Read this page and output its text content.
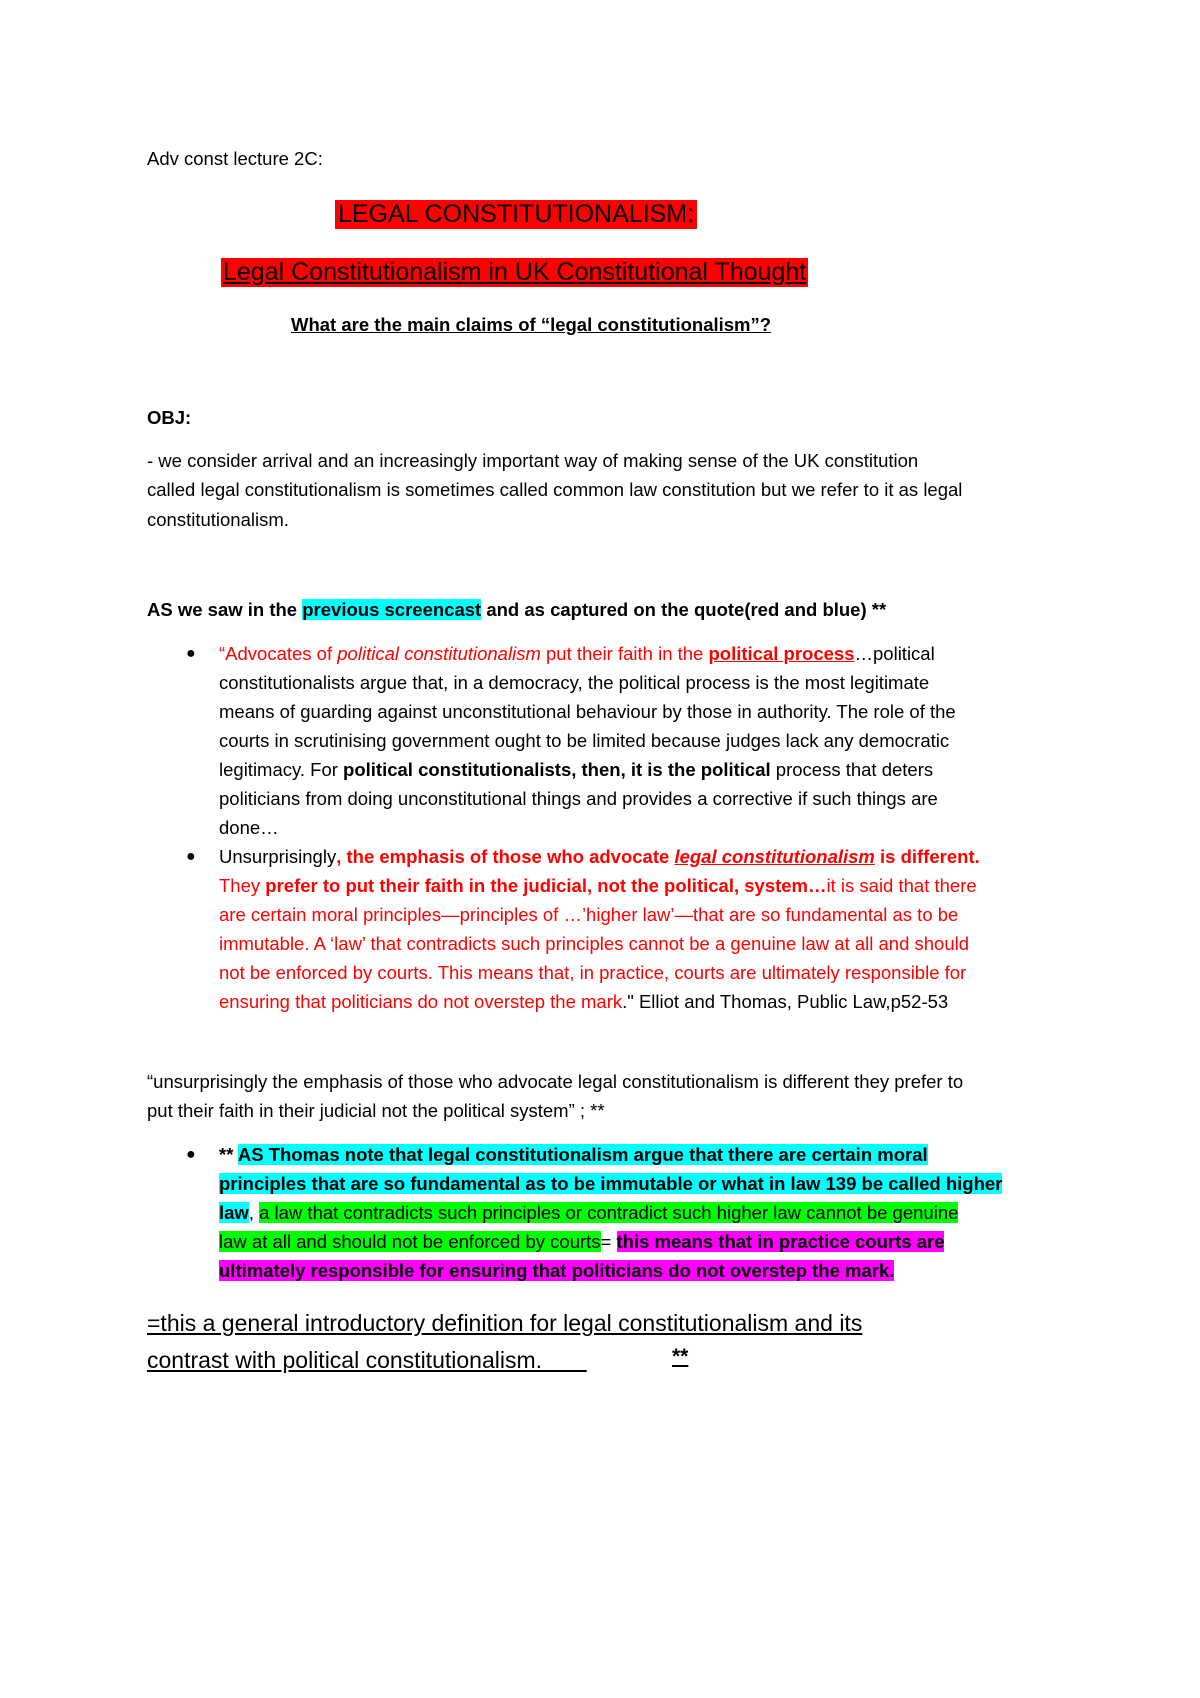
Adv const lecture 2C:
LEGAL CONSTITUTIONALISM:
Legal Constitutionalism in UK Constitutional Thought
What are the main claims of “legal constitutionalism”?
OBJ:
- we consider arrival and an increasingly important way of making sense of the UK constitution
called legal constitutionalism is sometimes called common law constitution but we refer to it as legal
constitutionalism.
AS we saw in the previous screencast and as captured on the quote(red and blue) **
● “Advocates of political constitutionalism put their faith in the political process…political
constitutionalists argue that, in a democracy, the political process is the most legitimate
means of guarding against unconstitutional behaviour by those in authority. The role of the
courts in scrutinising government ought to be limited because judges lack any democratic
legitimacy. For political constitutionalists, then, it is the political process that deters
politicians from doing unconstitutional things and provides a corrective if such things are
done…
● Unsurprisingly, the emphasis of those who advocate legal constitutionalism is different.
They prefer to put their faith in the judicial, not the political, system…it is said that there
are certain moral principles—principles of …’higher law’—that are so fundamental as to be
immutable. A ‘law’ that contradicts such principles cannot be a genuine law at all and should
not be enforced by courts. This means that, in practice, courts are ultimately responsible for
ensuring that politicians do not overstep the mark." Elliot and Thomas, Public Law,p52-53
“unsurprisingly the emphasis of those who advocate legal constitutionalism is different they prefer to
put their faith in their judicial not the political system” ; **
● ** AS Thomas note that legal constitutionalism argue that there are certain moral
principles that are so fundamental as to be immutable or what in law 139 be called higher
law, a law that contradicts such principles or contradict such higher law cannot be genuine
law at all and should not be enforced by courts= this means that in practice courts are
ultimately responsible for ensuring that politicians do not overstep the mark.
=this a general introductory definition for legal constitutionalism and its
contrast with political constitutionalism.	**
